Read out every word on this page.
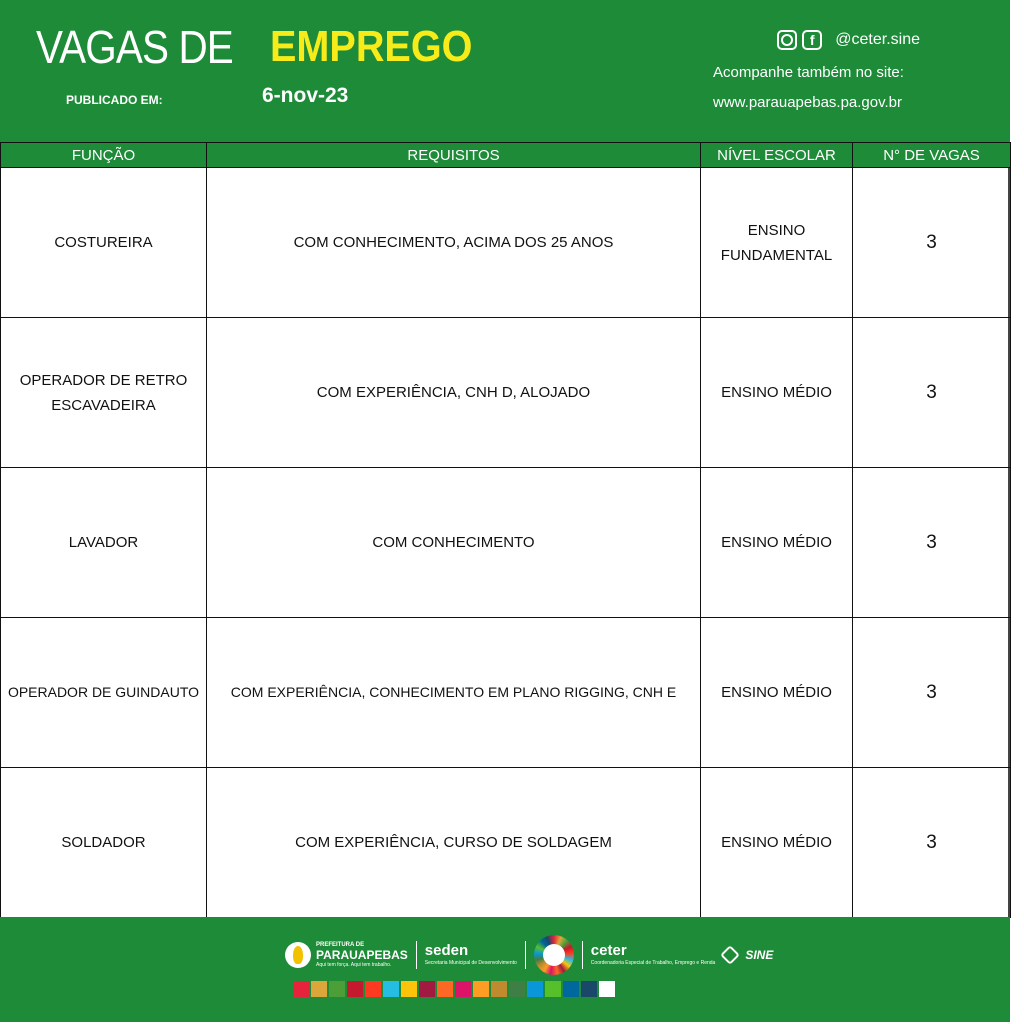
VAGAS DE EMPREGO
PUBLICADO EM:	6-nov-23
f	@ceter.sine
Acompanhe também no site:
www.parauapebas.pa.gov.br
FUNÇÃO	REQUISITOS	NÍVEL ESCOLAR	N° DE VAGAS
COSTUREIRA	COM CONHECIMENTO, ACIMA DOS 25 ANOS	ENSINO FUNDAMENTAL	3
OPERADOR DE RETRO ESCAVADEIRA	COM EXPERIÊNCIA, CNH D, ALOJADO	ENSINO MÉDIO	3
LAVADOR	COM CONHECIMENTO	ENSINO MÉDIO	3
OPERADOR DE GUINDAUTO	COM EXPERIÊNCIA, CONHECIMENTO EM PLANO RIGGING, CNH E	ENSINO MÉDIO	3
SOLDADOR	COM EXPERIÊNCIA, CURSO DE SOLDAGEM	ENSINO MÉDIO	3
PREFEITURA DE
PARAUAPEBAS
Aqui tem força. Aqui tem trabalho.
seden
Secretaria Municipal de Desenvolvimento
ceter
Coordenadoria Especial de Trabalho, Emprego e Renda
SINE
